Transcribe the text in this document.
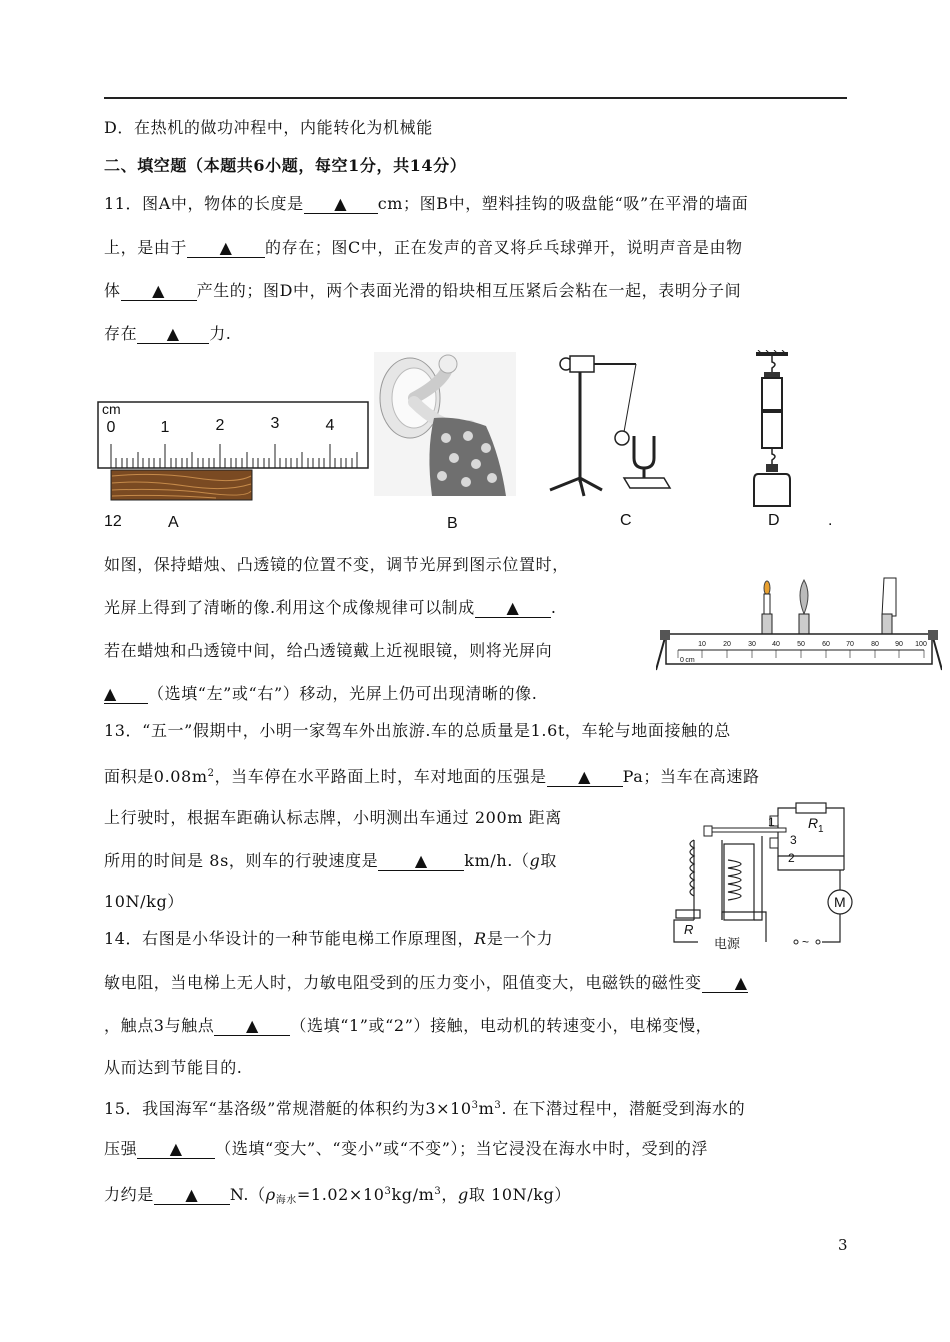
D．在热机的做功冲程中，内能转化为机械能
二、填空题（本题共6小题，每空1分，共14分）
11．图A中，物体的长度是 ▲ cm；图B中，塑料挂钩的吸盘能“吸”在平滑的墙面
上，是由于 ▲ 的存在；图C中，正在发声的音叉将乒乓球弹开，说明声音是由物
体 ▲ 产生的；图D中，两个表面光滑的铅块相互压紧后会粘在一起，表明分子间
存在 ▲ 力.
cm
0	1	2	3	4
12	A	B	C	D	.
如图，保持蜡烛、凸透镜的位置不变，调节光屏到图示位置时，
光屏上得到了清晰的像.利用这个成像规律可以制成 ▲ .
若在蜡烛和凸透镜中间，给凸透镜戴上近视眼镜，则将光屏向
▲ （选填“左”或“右”）移动，光屏上仍可出现清晰的像.
0 cm
10 20 30 40 50 60 70 80 90 100
13．“五一”假期中，小明一家驾车外出旅游.车的总质量是1.6t，车轮与地面接触的总
面积是$0.08m^2$，当车停在水平路面上时，车对地面的压强是 ▲ Pa；当车在高速路
上行驶时，根据车距确认标志牌，小明测出车通过 200m 距离
所用的时间是 8s，则车的行驶速度是 ▲ km/h.（g取
10N/kg）
R 1
1
3
2
M
R
电源	~
14．右图是小华设计的一种节能电梯工作原理图，R是一个力
敏电阻，当电梯上无人时，力敏电阻受到的压力变小，阻值变大，电磁铁的磁性变 ▲
，触点3与触点 ▲ （选填“1”或“2”）接触，电动机的转速变小，电梯变慢，
从而达到节能目的.
15．我国海军“基洛级”常规潜艇的体积约为$3\times 10^3m^3$. 在下潜过程中，潜艇受到海水的
压强 ▲ （选填“变大”、“变小”或“不变”）；当它浸没在海水中时，受到的浮
力约是 ▲ $N.(\rho_{海水}=1.02\times 10^3kg/m^3$，g取 10N/kg）
3
